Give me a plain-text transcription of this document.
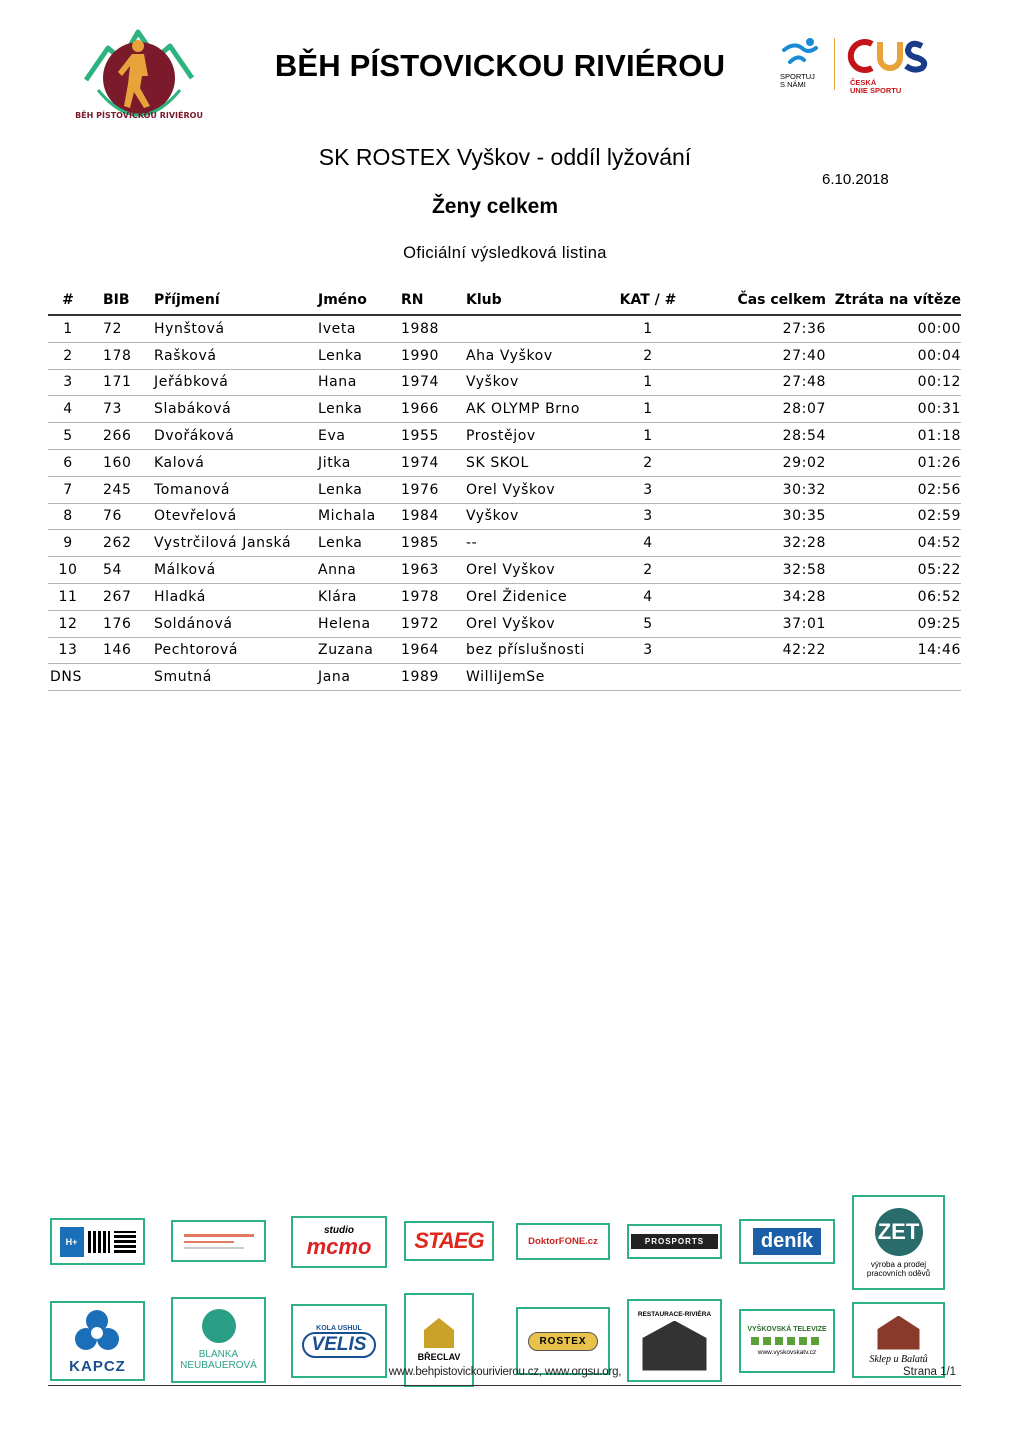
BĚH PÍSTOVICKOU RIVIÉROU
BĚH PÍSTOVICKOU RIVIÉROU	SPORTUJ
S NÁMI	ČESKÁ
UNIE SPORTU
SK ROSTEX Vyškov - oddíl lyžování
6.10.2018
Ženy celkem
Oficiální výsledková listina
#	BIB	Příjmení	Jméno	RN	Klub	KAT / #	Čas celkem	Ztráta na vítěze
1	72	Hynštová	Iveta	1988		1	27:36	00:00
2	178	Rašková	Lenka	1990	Aha Vyškov	2	27:40	00:04
3	171	Jeřábková	Hana	1974	Vyškov	1	27:48	00:12
4	73	Slabáková	Lenka	1966	AK OLYMP Brno	1	28:07	00:31
5	266	Dvořáková	Eva	1955	Prostějov	1	28:54	01:18
6	160	Kalová	Jitka	1974	SK SKOL	2	29:02	01:26
7	245	Tomanová	Lenka	1976	Orel Vyškov	3	30:32	02:56
8	76	Otevřelová	Michala	1984	Vyškov	3	30:35	02:59
9	262	Vystrčilová Janská	Lenka	1985	--	4	32:28	04:52
10	54	Málková	Anna	1963	Orel Vyškov	2	32:58	05:22
11	267	Hladká	Klára	1978	Orel Židenice	4	34:28	06:52
12	176	Soldánová	Helena	1972	Orel Vyškov	5	37:01	09:25
13	146	Pechtorová	Zuzana	1964	bez příslušnosti	3	42:22	14:46
DNS		Smutná	Jana	1989	WilliJemSe			
H+ BOOK
studio
mcmo STAEG	DoktorFONE.cz	PROSPORTS	deník	ZET
výroba a prodej pracovních oděvů
KAPCZ
BLANKA NEUBAUEROVÁ
KOLA USHUL
VELIS
BŘECLAV
ROSTEX
RESTAURACE-RIVIÉRA
VYŠKOVSKÁ TELEVIZE
www.vyskovskatv.cz
Sklep u Balatů
www.behpistovickourivierou.cz, www.orgsu.org,	Strana 1/1
